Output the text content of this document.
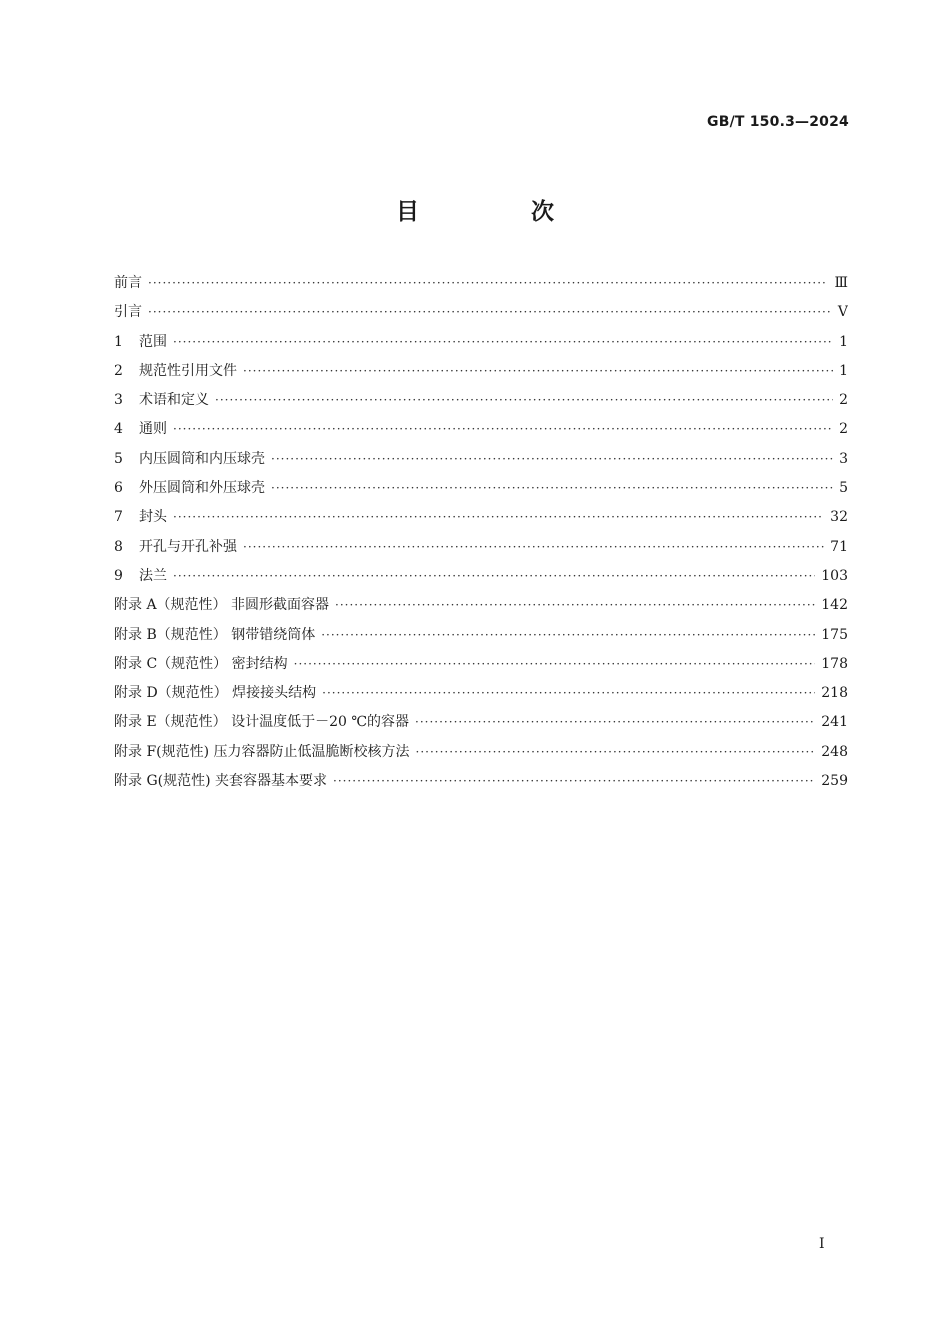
GB/T 150.3—2024
目 次
前言 ·····	Ⅲ
引言 ·····	Ⅴ
1	范围 ·····	1
2	规范性引用文件 ·····	1
3	术语和定义 ·····	2
4	通则 ·····	2
5	内压圆筒和内压球壳 ·····	3
6	外压圆筒和外压球壳 ·····	5
7	封头 ·····	32
8	开孔与开孔补强 ·····	71
9	法兰 ·····	103
附录 A（规范性） 非圆形截面容器 ·····	142
附录 B（规范性） 钢带错绕筒体 ·····	175
附录 C（规范性） 密封结构 ·····	178
附录 D（规范性） 焊接接头结构 ·····	218
附录 E（规范性） 设计温度低于－20 ℃的容器 ·····	241
附录 F(规范性) 压力容器防止低温脆断校核方法 ·····	248
附录 G(规范性) 夹套容器基本要求 ·····	259
Ⅰ
